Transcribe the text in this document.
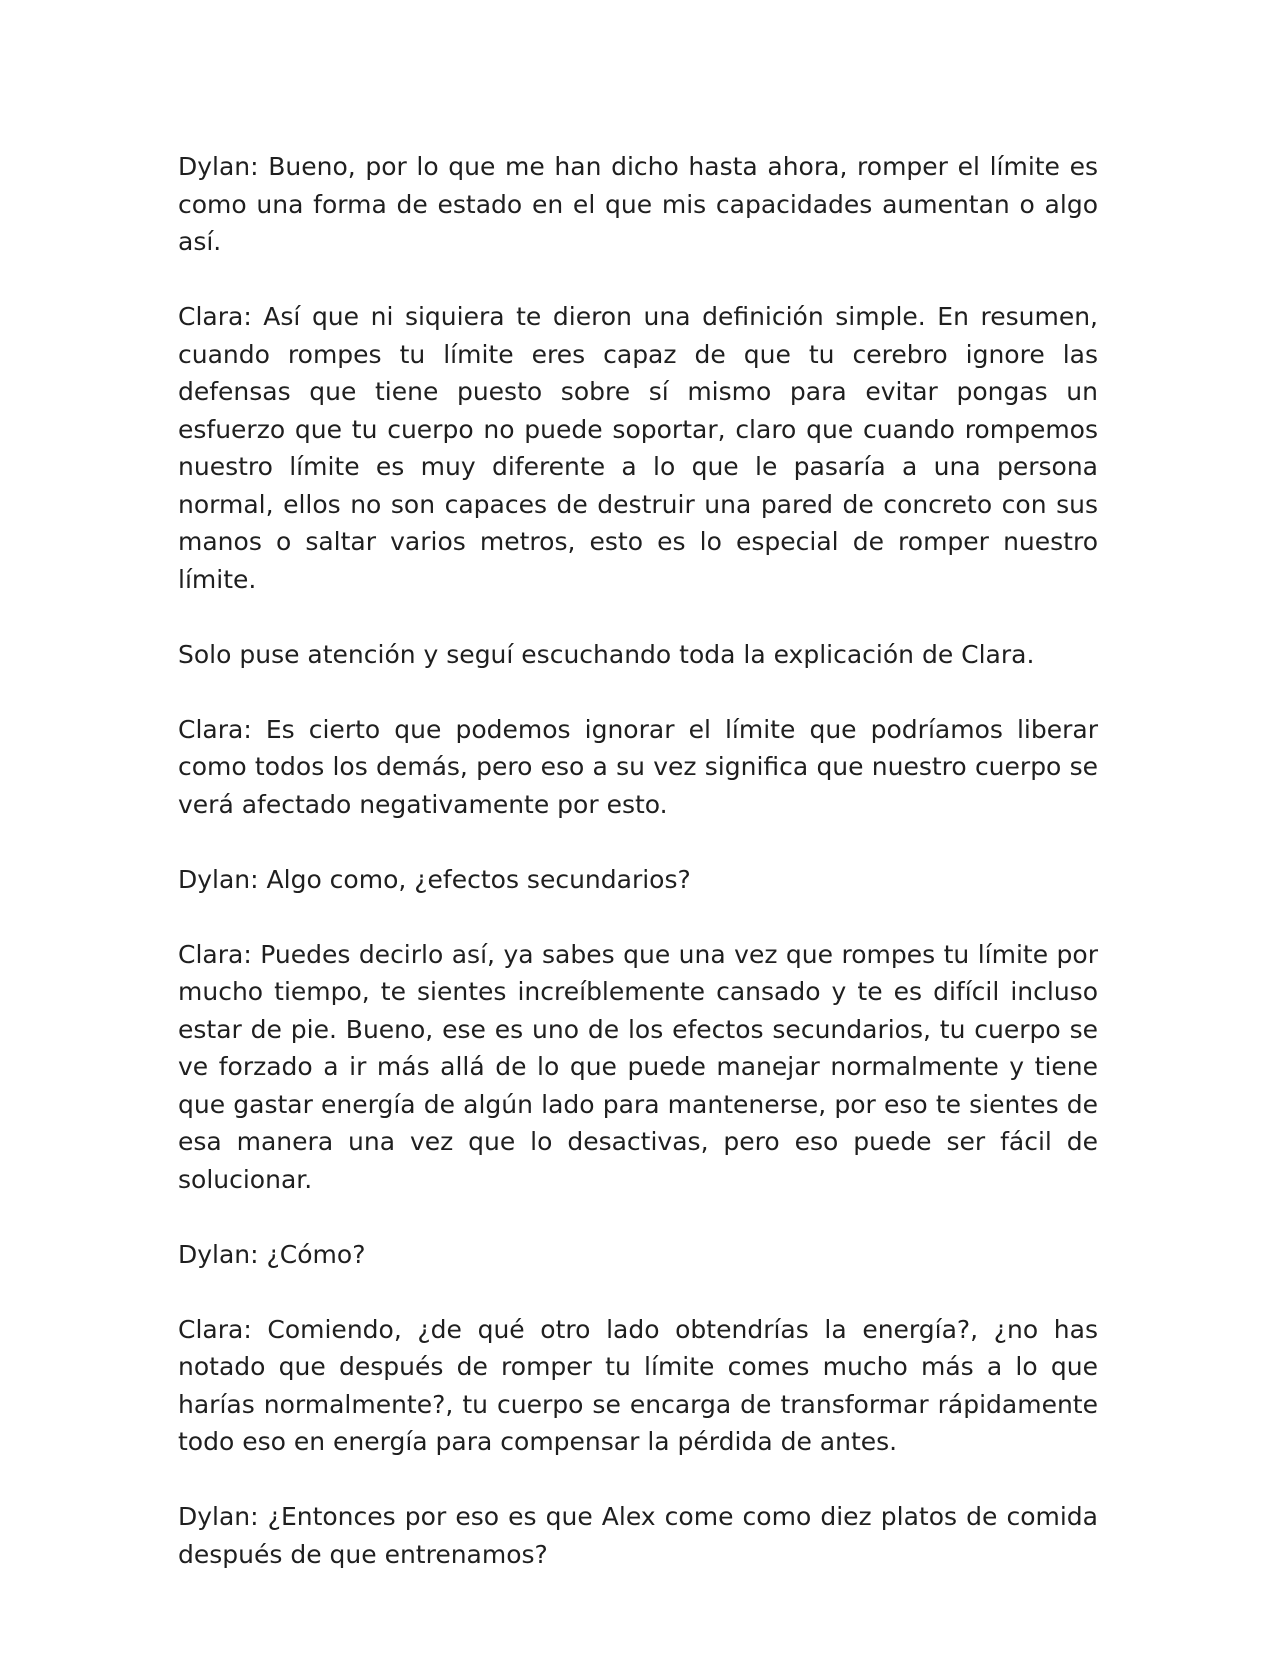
Dylan: Bueno, por lo que me han dicho hasta ahora, romper el límite es como una forma de estado en el que mis capacidades aumentan o algo así.

Clara: Así que ni siquiera te dieron una definición simple. En resumen, cuando rompes tu límite eres capaz de que tu cerebro ignore las defensas que tiene puesto sobre sí mismo para evitar pongas un esfuerzo que tu cuerpo no puede soportar, claro que cuando rompemos nuestro límite es muy diferente a lo que le pasaría a una persona normal, ellos no son capaces de destruir una pared de concreto con sus manos o saltar varios metros, esto es lo especial de romper nuestro límite.

Solo puse atención y seguí escuchando toda la explicación de Clara.

Clara: Es cierto que podemos ignorar el límite que podríamos liberar como todos los demás, pero eso a su vez significa que nuestro cuerpo se verá afectado negativamente por esto.

Dylan: Algo como, ¿efectos secundarios?

Clara: Puedes decirlo así, ya sabes que una vez que rompes tu límite por mucho tiempo, te sientes increíblemente cansado y te es difícil incluso estar de pie. Bueno, ese es uno de los efectos secundarios, tu cuerpo se ve forzado a ir más allá de lo que puede manejar normalmente y tiene que gastar energía de algún lado para mantenerse, por eso te sientes de esa manera una vez que lo desactivas, pero eso puede ser fácil de solucionar.

Dylan: ¿Cómo?

Clara: Comiendo, ¿de qué otro lado obtendrías la energía?, ¿no has notado que después de romper tu límite comes mucho más a lo que harías normalmente?, tu cuerpo se encarga de transformar rápidamente todo eso en energía para compensar la pérdida de antes.

Dylan: ¿Entonces por eso es que Alex come como diez platos de comida después de que entrenamos?
